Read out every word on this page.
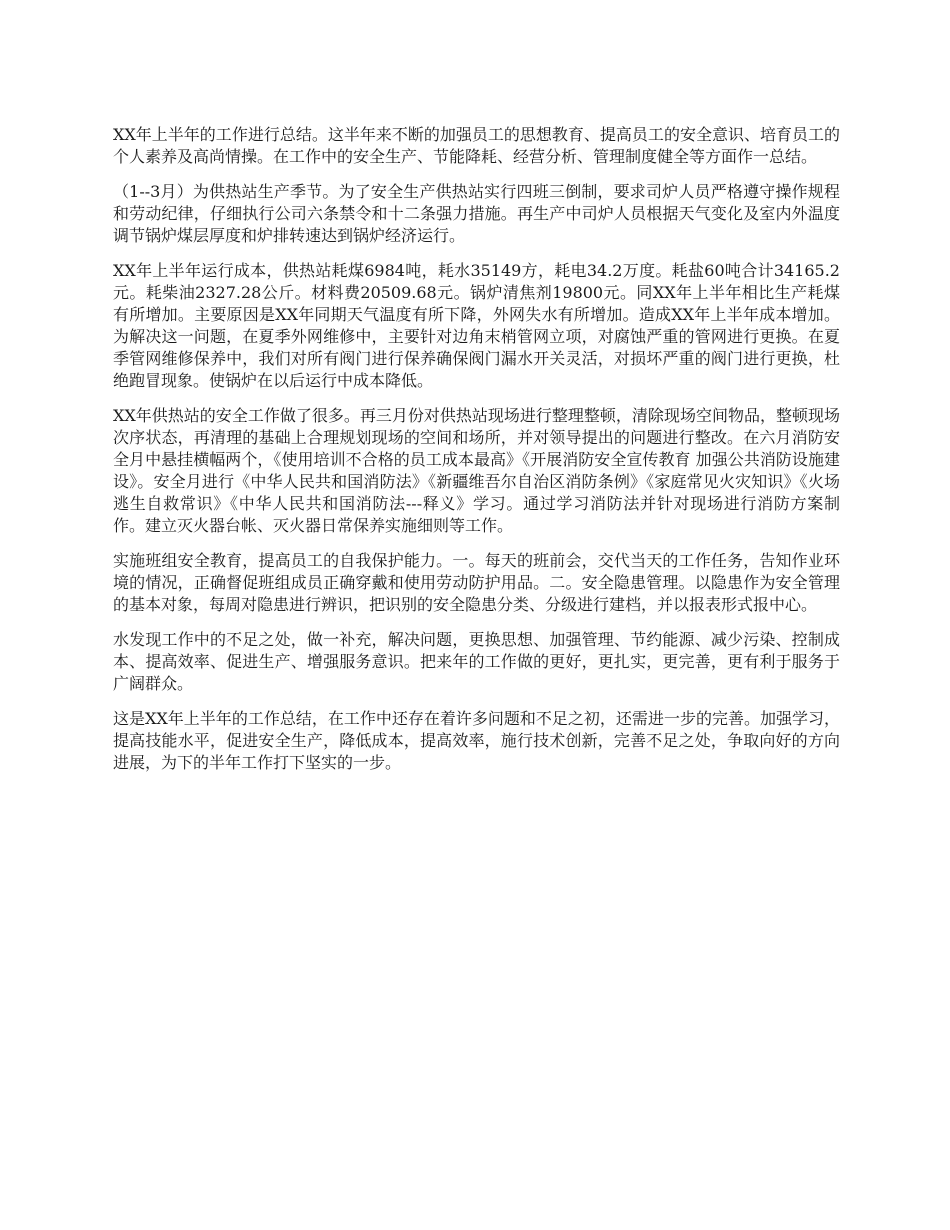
XX年上半年的工作进行总结。这半年来不断的加强员工的思想教育、提高员工的安全意识、培育员工的个人素养及高尚情操。在工作中的安全生产、节能降耗、经营分析、管理制度健全等方面作一总结。

（1--3月）为供热站生产季节。为了安全生产供热站实行四班三倒制，要求司炉人员严格遵守操作规程和劳动纪律，仔细执行公司六条禁令和十二条强力措施。再生产中司炉人员根据天气变化及室内外温度调节锅炉煤层厚度和炉排转速达到锅炉经济运行。

XX年上半年运行成本，供热站耗煤6984吨，耗水35149方，耗电34.2万度。耗盐60吨合计34165.2元。耗柴油2327.28公斤。材料费20509.68元。锅炉清焦剂19800元。同XX年上半年相比生产耗煤有所增加。主要原因是XX年同期天气温度有所下降，外网失水有所增加。造成XX年上半年成本增加。为解决这一问题，在夏季外网维修中，主要针对边角末梢管网立项，对腐蚀严重的管网进行更换。在夏季管网维修保养中，我们对所有阀门进行保养确保阀门漏水开关灵活，对损坏严重的阀门进行更换，杜绝跑冒现象。使锅炉在以后运行中成本降低。

XX年供热站的安全工作做了很多。再三月份对供热站现场进行整理整顿，清除现场空间物品，整顿现场次序状态，再清理的基础上合理规划现场的空间和场所，并对领导提出的问题进行整改。在六月消防安全月中悬挂横幅两个，《使用培训不合格的员工成本最高》《开展消防安全宣传教育 加强公共消防设施建设》。安全月进行《中华人民共和国消防法》《新疆维吾尔自治区消防条例》《家庭常见火灾知识》《火场逃生自救常识》《中华人民共和国消防法---释义》学习。通过学习消防法并针对现场进行消防方案制作。建立灭火器台帐、灭火器日常保养实施细则等工作。

实施班组安全教育，提高员工的自我保护能力。一。每天的班前会，交代当天的工作任务，告知作业环境的情况，正确督促班组成员正确穿戴和使用劳动防护用品。二。安全隐患管理。以隐患作为安全管理的基本对象，每周对隐患进行辨识，把识别的安全隐患分类、分级进行建档，并以报表形式报中心。

水发现工作中的不足之处，做一补充，解决问题，更换思想、加强管理、节约能源、减少污染、控制成本、提高效率、促进生产、增强服务意识。把来年的工作做的更好，更扎实，更完善，更有利于服务于广阔群众。

这是XX年上半年的工作总结，在工作中还存在着许多问题和不足之初，还需进一步的完善。加强学习，提高技能水平，促进安全生产，降低成本，提高效率，施行技术创新，完善不足之处，争取向好的方向进展，为下的半年工作打下坚实的一步。
